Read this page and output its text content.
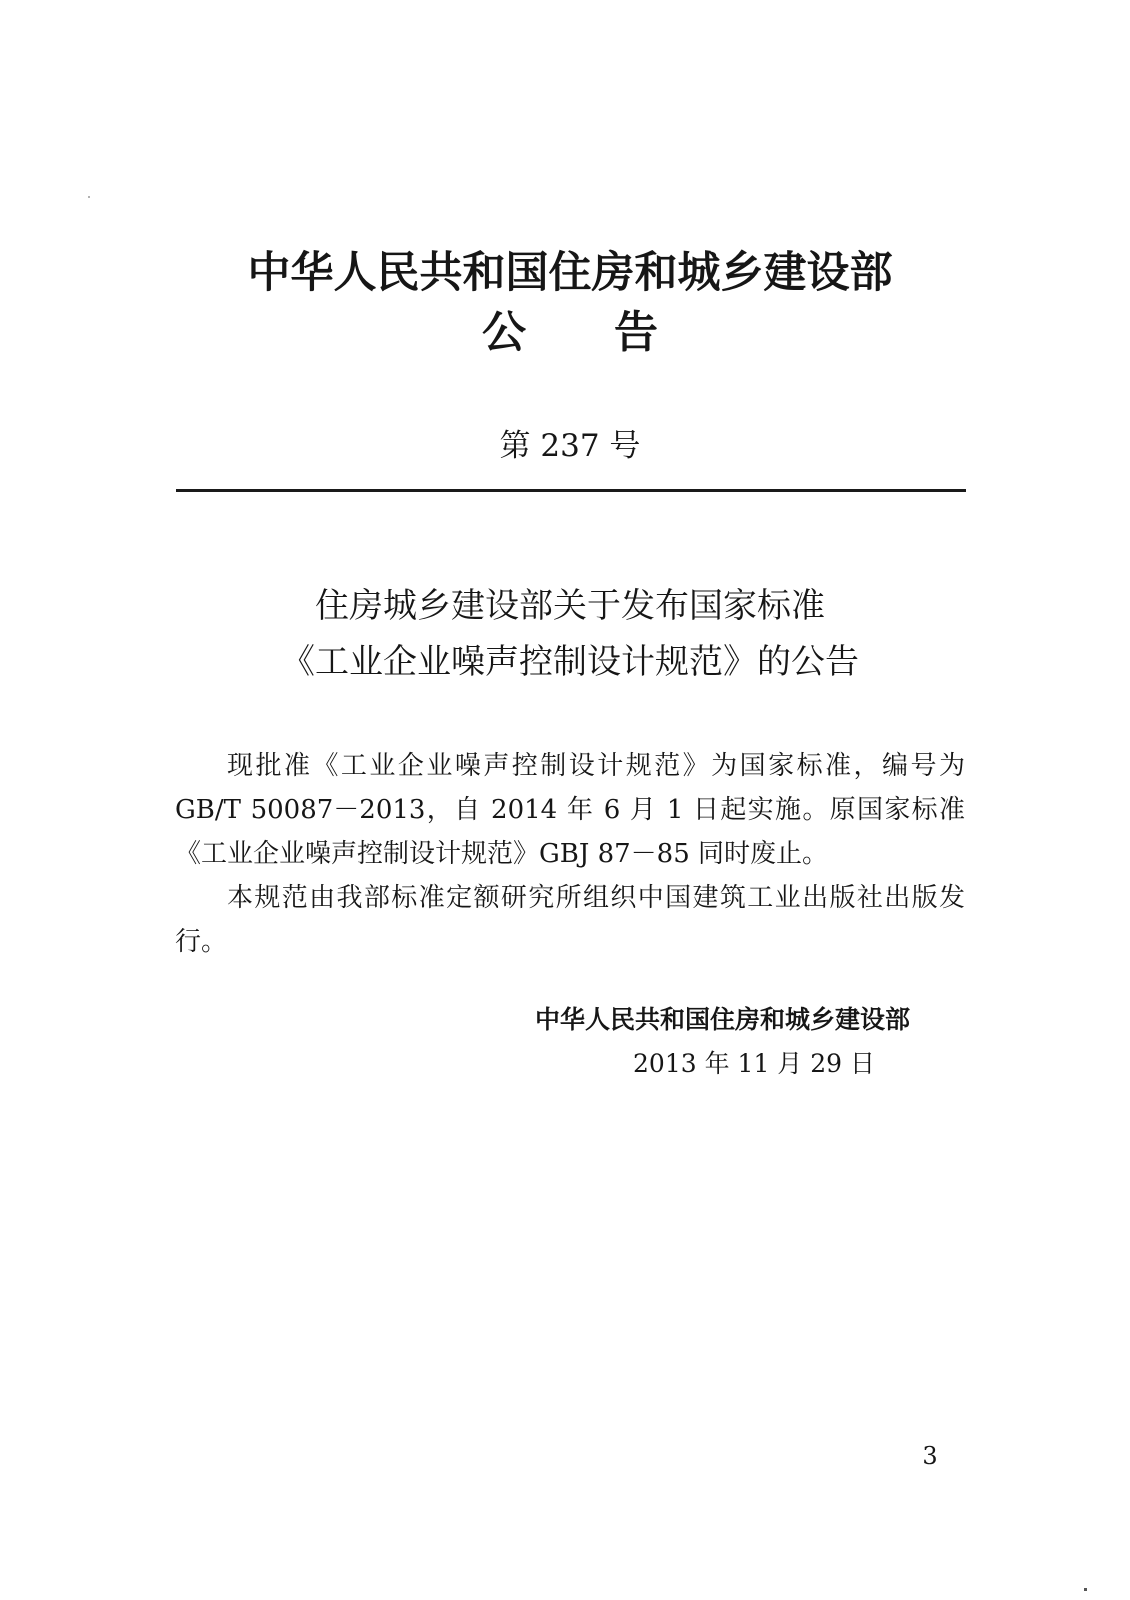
中华人民共和国住房和城乡建设部
公　　告
第 237 号
住房城乡建设部关于发布国家标准
《工业企业噪声控制设计规范》的公告

现批准《工业企业噪声控制设计规范》为国家标准，编号为GB/T 50087－2013，自 2014 年 6 月 1 日起实施。原国家标准《工业企业噪声控制设计规范》GBJ 87－85 同时废止。

本规范由我部标准定额研究所组织中国建筑工业出版社出版发行。

中华人民共和国住房和城乡建设部
2013 年 11 月 29 日
3
